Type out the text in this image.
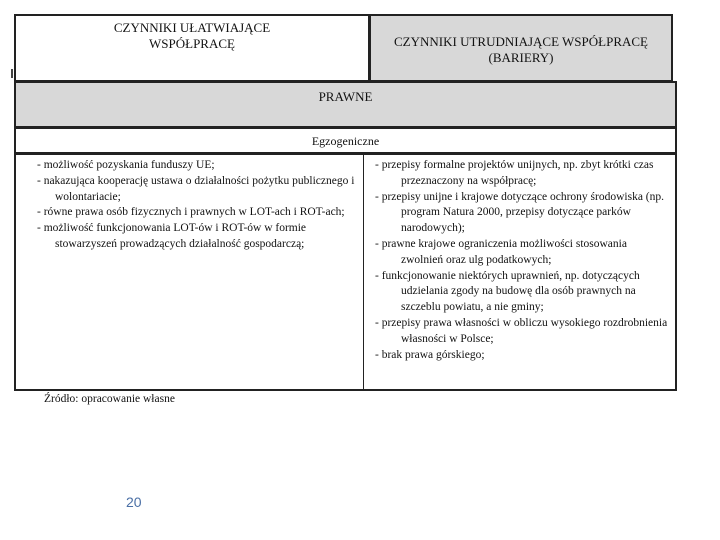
CZYNNIKI UŁATWIAJĄCE WSPÓŁPRACĘ	CZYNNIKI UTRUDNIAJĄCE WSPÓŁPRACĘ (BARIERY)
PRAWNE
Egzogeniczne
- możliwość pozyskania funduszy UE;
- nakazująca kooperację ustawa o działalności pożytku publicznego i wolontariacie;
- równe prawa osób fizycznych i prawnych w LOT-ach i ROT-ach;
- możliwość funkcjonowania LOT-ów i ROT-ów w formie stowarzyszeń prowadzących działalność gospodarczą;
- przepisy formalne projektów unijnych, np. zbyt krótki czas przeznaczony na współpracę;
- przepisy unijne i krajowe dotyczące ochrony środowiska (np. program Natura 2000, przepisy dotyczące parków narodowych);
- prawne krajowe ograniczenia możliwości stosowania zwolnień oraz ulg podatkowych;
- funkcjonowanie niektórych uprawnień, np. dotyczących udzielania zgody na budowę dla osób prawnych na szczeblu powiatu, a nie gminy;
- przepisy prawa własności w obliczu wysokiego rozdrobnienia własności w Polsce;
- brak prawa górskiego;
Źródło: opracowanie własne
20
